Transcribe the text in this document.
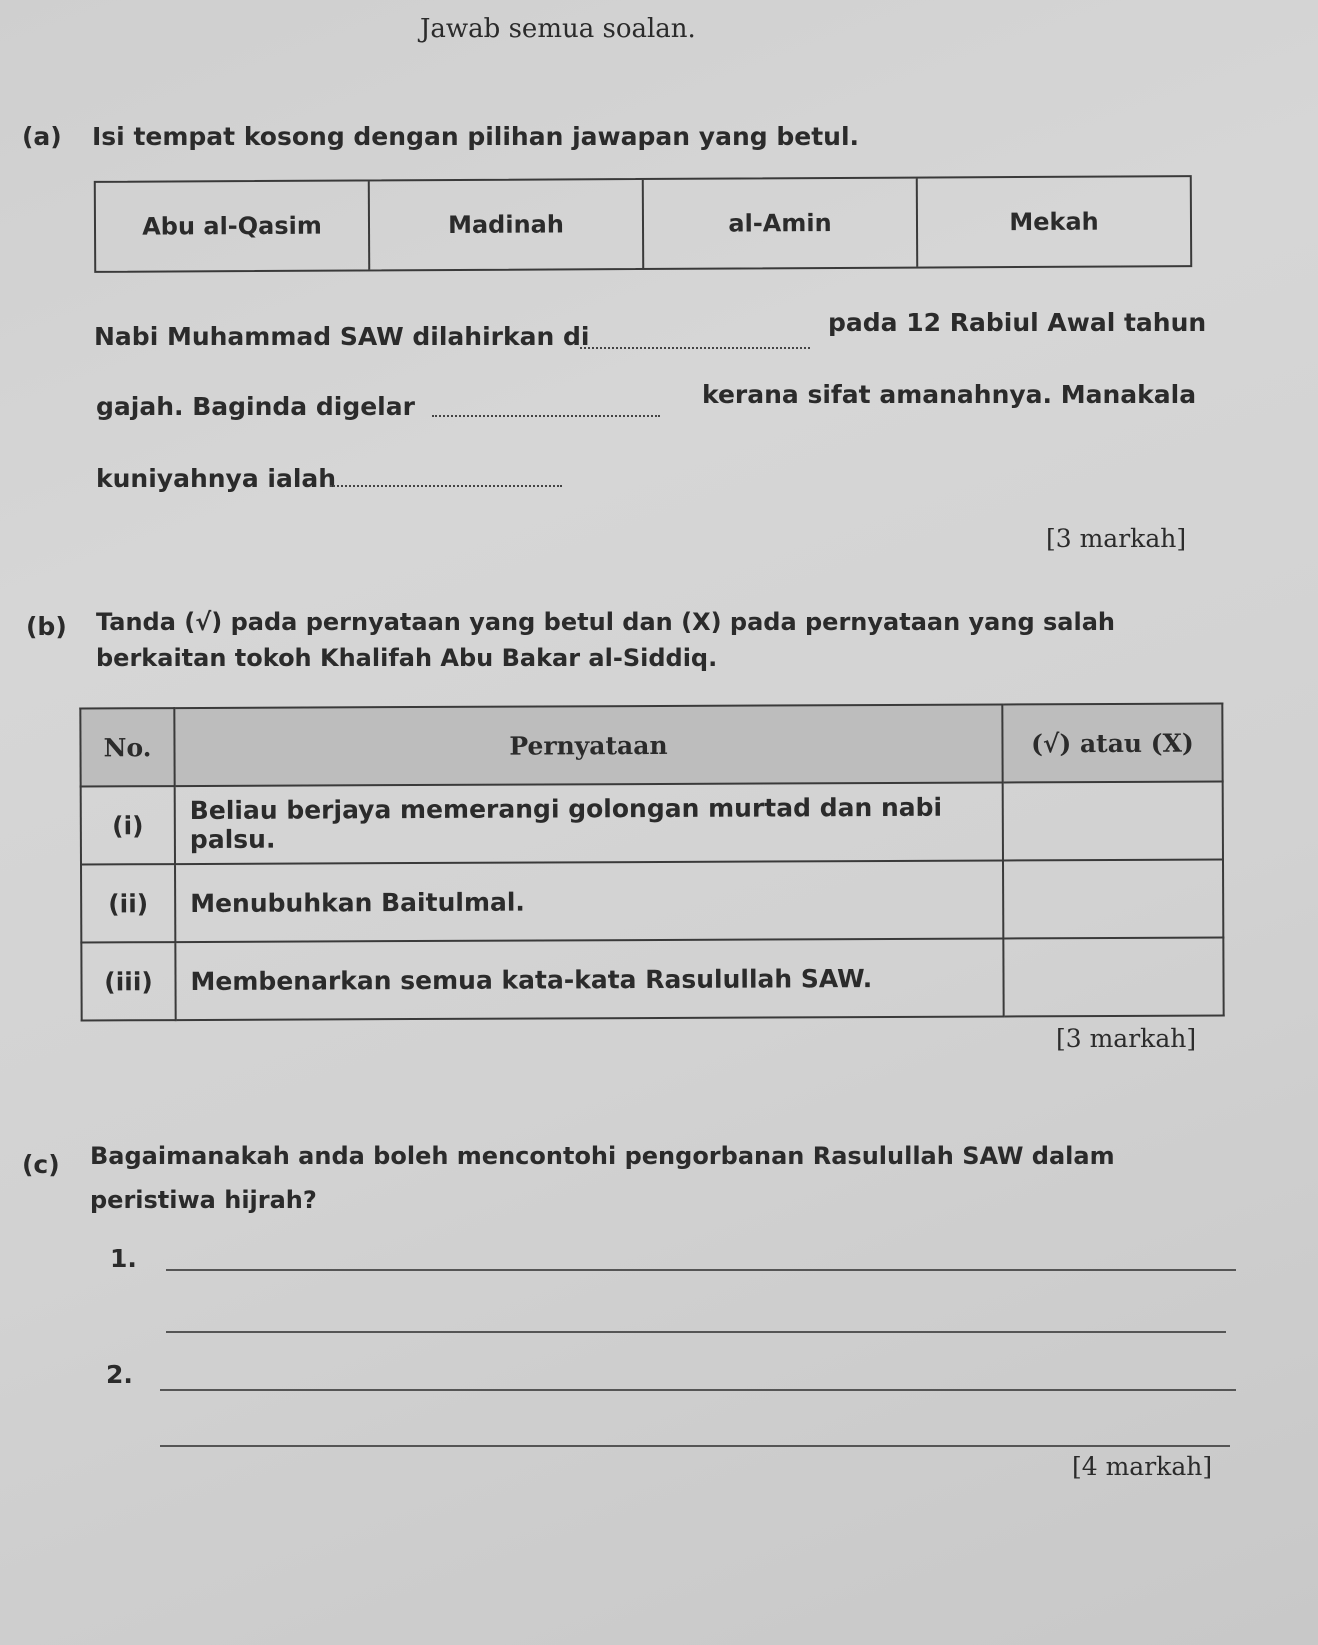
Jawab semua soalan.
(a) Isi tempat kosong dengan pilihan jawapan yang betul.
Abu al-Qasim	Madinah	al-Amin	Mekah
Nabi Muhammad SAW dilahirkan di	pada 12 Rabiul Awal tahun
gajah. Baginda digelar	kerana sifat amanahnya. Manakala
kuniyahnya ialah
[3 markah]
(b) Tanda (√) pada pernyataan yang betul dan (X) pada pernyataan yang salah
berkaitan tokoh Khalifah Abu Bakar al-Siddiq.
No.	Pernyataan	(√) atau (X)
(i)	Beliau berjaya memerangi golongan murtad dan nabi palsu.	
(ii)	Menubuhkan Baitulmal.	
(iii)	Membenarkan semua kata-kata Rasulullah SAW.	
[3 markah]
(c) Bagaimanakah anda boleh mencontohi pengorbanan Rasulullah SAW dalam
peristiwa hijrah?
1.
2.
[4 markah]
